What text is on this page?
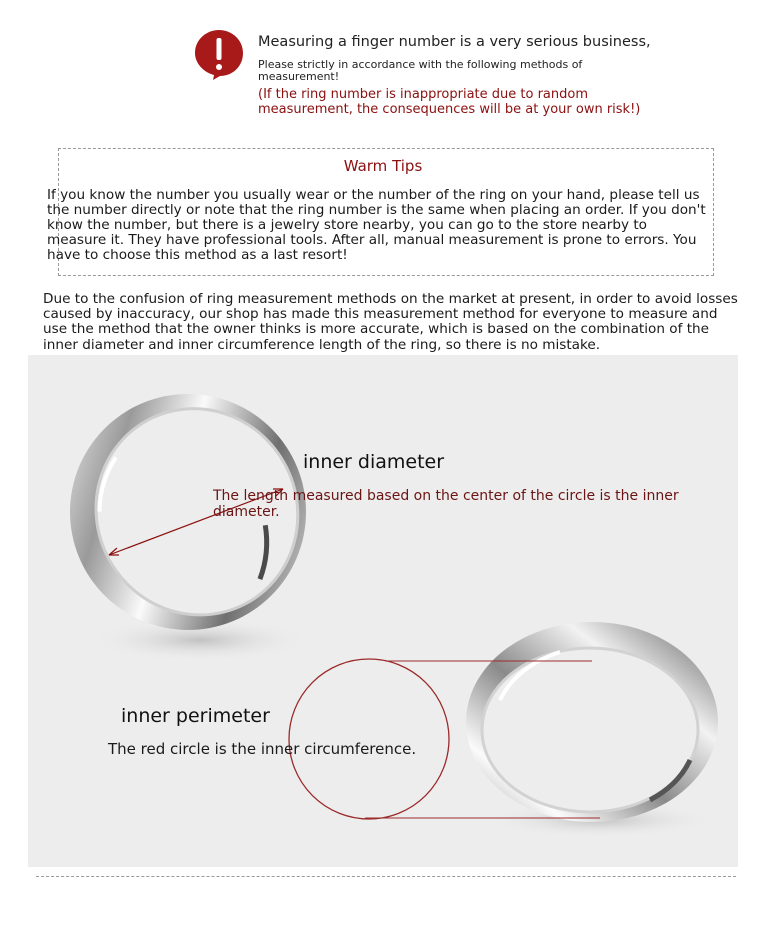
Measuring a finger number is a very serious business,
Please strictly in accordance with the following methods of measurement!
(If the ring number is inappropriate due to random measurement, the consequences will be at your own risk!)
Warm Tips
If you know the number you usually wear or the number of the ring on your hand, please tell us the number directly or note that the ring number is the same when placing an order. If you don't know the number, but there is a jewelry store nearby, you can go to the store nearby to measure it. They have professional tools. After all, manual measurement is prone to errors. You have to choose this method as a last resort!
Due to the confusion of ring measurement methods on the market at present, in order to avoid losses caused by inaccuracy, our shop has made this measurement method for everyone to measure and use the method that the owner thinks is more accurate, which is based on the combination of the inner diameter and inner circumference length of the ring, so there is no mistake.
inner diameter
The length measured based on the center of the circle is the inner diameter.
inner perimeter
The red circle is the inner circumference.
